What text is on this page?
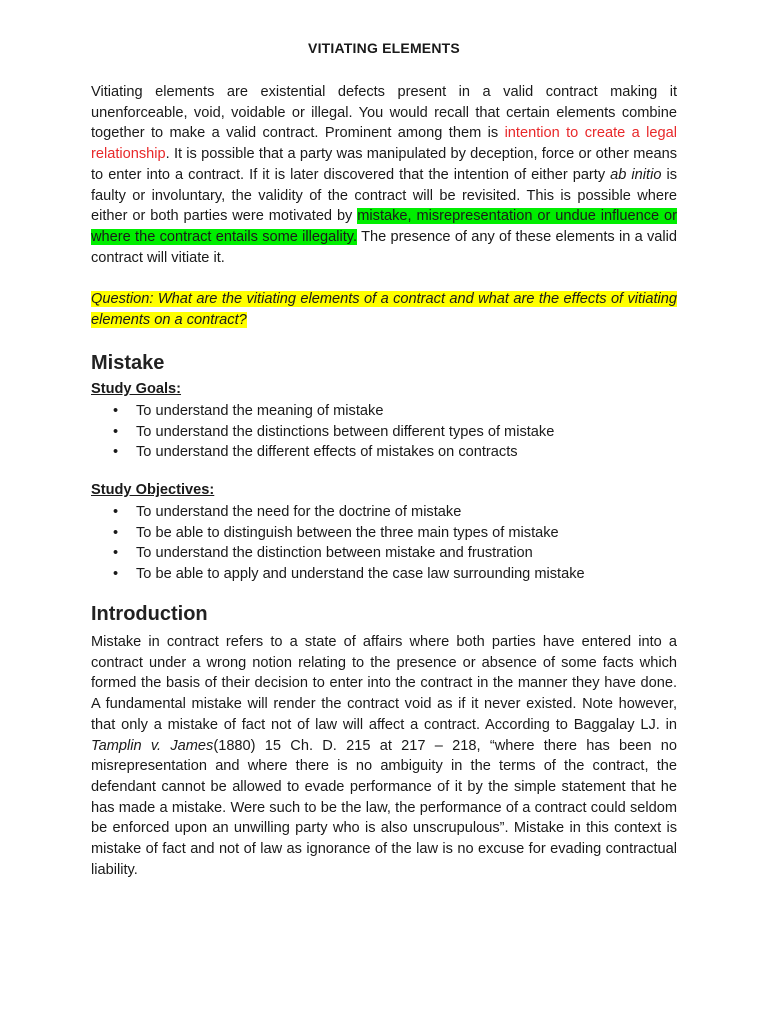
VITIATING ELEMENTS

Vitiating elements are existential defects present in a valid contract making it unenforceable, void, voidable or illegal. You would recall that certain elements combine together to make a valid contract. Prominent among them is intention to create a legal relationship. It is possible that a party was manipulated by deception, force or other means to enter into a contract. If it is later discovered that the intention of either party ab initio is faulty or involuntary, the validity of the contract will be revisited. This is possible where either or both parties were motivated by mistake, misrepresentation or undue influence or where the contract entails some illegality. The presence of any of these elements in a valid contract will vitiate it.

Question: What are the vitiating elements of a contract and what are the effects of vitiating elements on a contract?

Mistake
Study Goals:
• To understand the meaning of mistake
• To understand the distinctions between different types of mistake
• To understand the different effects of mistakes on contracts
Study Objectives:
• To understand the need for the doctrine of mistake
• To be able to distinguish between the three main types of mistake
• To understand the distinction between mistake and frustration
• To be able to apply and understand the case law surrounding mistake
Introduction

Mistake in contract refers to a state of affairs where both parties have entered into a contract under a wrong notion relating to the presence or absence of some facts which formed the basis of their decision to enter into the contract in the manner they have done. A fundamental mistake will render the contract void as if it never existed. Note however, that only a mistake of fact not of law will affect a contract. According to Baggalay LJ. in Tamplin v. James(1880) 15 Ch. D. 215 at 217 – 218, “where there has been no misrepresentation and where there is no ambiguity in the terms of the contract, the defendant cannot be allowed to evade performance of it by the simple statement that he has made a mistake. Were such to be the law, the performance of a contract could seldom be enforced upon an unwilling party who is also unscrupulous”. Mistake in this context is mistake of fact and not of law as ignorance of the law is no excuse for evading contractual liability.
